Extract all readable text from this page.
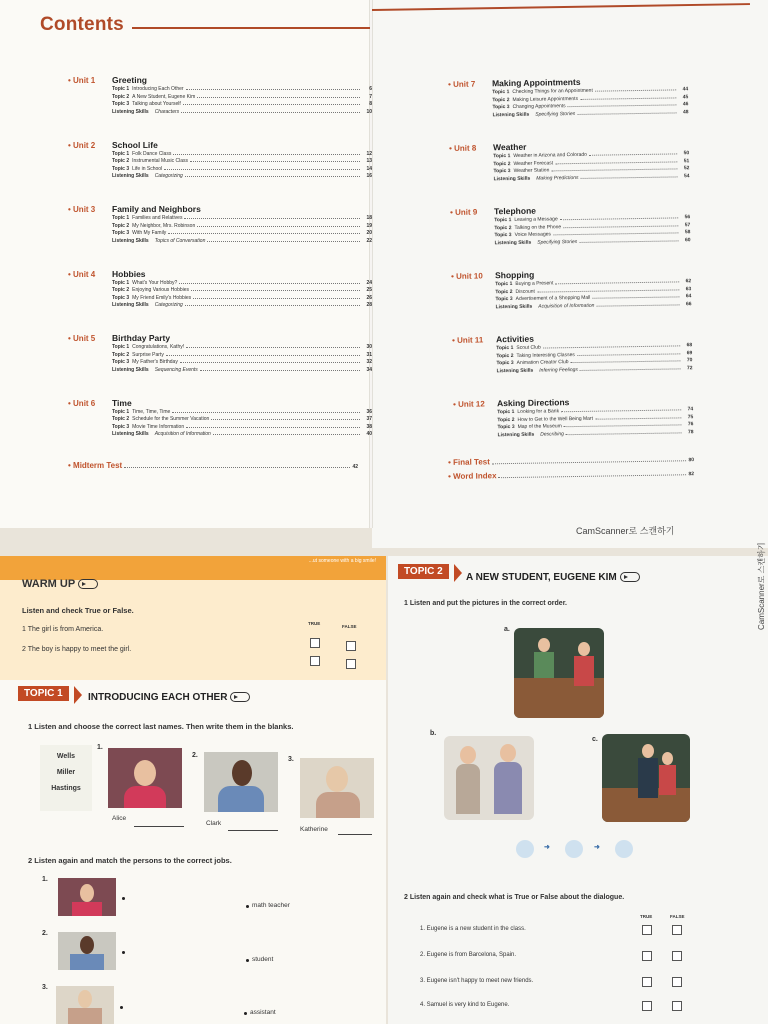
Contents
• Unit 1 Greeting
Topic 1 Introducing Each Other	6
Topic 2 A New Student, Eugene Kim	7
Topic 3 Talking about Yourself	8
Listening Skills Characters	10
• Unit 2 School Life
Topic 1 Folk Dance Class	12
Topic 2 Instrumental Music Class	13
Topic 3 Life in School	14
Listening Skills Categorizing	16
• Unit 3 Family and Neighbors
Topic 1 Families and Relatives	18
Topic 2 My Neighbor, Mrs. Robinson	19
Topic 3 With My Family	20
Listening Skills Topics of Conversation	22
• Unit 4 Hobbies
Topic 1 What's Your Hobby?	24
Topic 2 Enjoying Various Hobbies	25
Topic 3 My Friend Emily's Hobbies	26
Listening Skills Categorizing	28
• Unit 5 Birthday Party
Topic 1 Congratulations, Kathy!	30
Topic 2 Surprise Party	31
Topic 3 My Father's Birthday	32
Listening Skills Sequencing Events	34
• Unit 6 Time
Topic 1 Time, Time, Time	36
Topic 2 Schedule for the Summer Vacation	37
Topic 3 Movie Time Information	38
Listening Skills Acquisition of Information	40
• Unit 7 Making Appointments
Topic 1 Checking Things for an Appointment	44
Topic 2 Making Leisure Appointments	45
Topic 3 Changing Appointments	46
Listening Skills Specifying Stories	48
• Unit 8 Weather
Topic 1 Weather in Arizona and Colorado	50
Topic 2 Weather Forecast	51
Topic 3 Weather Station	52
Listening Skills Making Predictions	54
• Unit 9 Telephone
Topic 1 Leaving a Message	56
Topic 2 Talking on the Phone	57
Topic 3 Voice Messages	58
Listening Skills Specifying Stories	60
• Unit 10 Shopping
Topic 1 Buying a Present	62
Topic 2 Discount	63
Topic 3 Advertisement of a Shopping Mall	64
Listening Skills Acquisition of Information	66
• Unit 11 Activities
Topic 1 Scout Club	68
Topic 2 Taking Interesting Classes	69
Topic 3 Animation Creator Club	70
Listening Skills Inferring Feelings	72
• Unit 12 Asking Directions
Topic 1 Looking for a Bank	74
Topic 2 How to Get to the Well Being Mart	75
Topic 3 Map of the Museum	76
Listening Skills Describing	78
• Midterm Test	42
• Final Test	80
• Word Index	82
CamScanner로 스캔하기
...ut someone with a big smile!
WARM UP
Listen and check True or False.
TRUE
FALSE
1 The girl is from America.
2 The boy is happy to meet the girl.
TOPIC 1	INTRODUCING EACH OTHER
1 Listen and choose the correct last names. Then write them in the blanks.
Wells
Miller
Hastings
1.
2.
3.
Alice
Clark
Katherine
2 Listen again and match the persons to the correct jobs.
1.
math teacher
2.
student
3.
assistant
TOPIC 2
A NEW STUDENT, EUGENE KIM
1 Listen and put the pictures in the correct order.
a.
b.
c.
➜	➜
2 Listen again and check what is True or False about the dialogue.
TRUE	FALSE
1. Eugene is a new student in the class.
2. Eugene is from Barcelona, Spain.
3. Eugene isn't happy to meet new friends.
4. Samuel is very kind to Eugene.
CamScanner로 스캔하기
